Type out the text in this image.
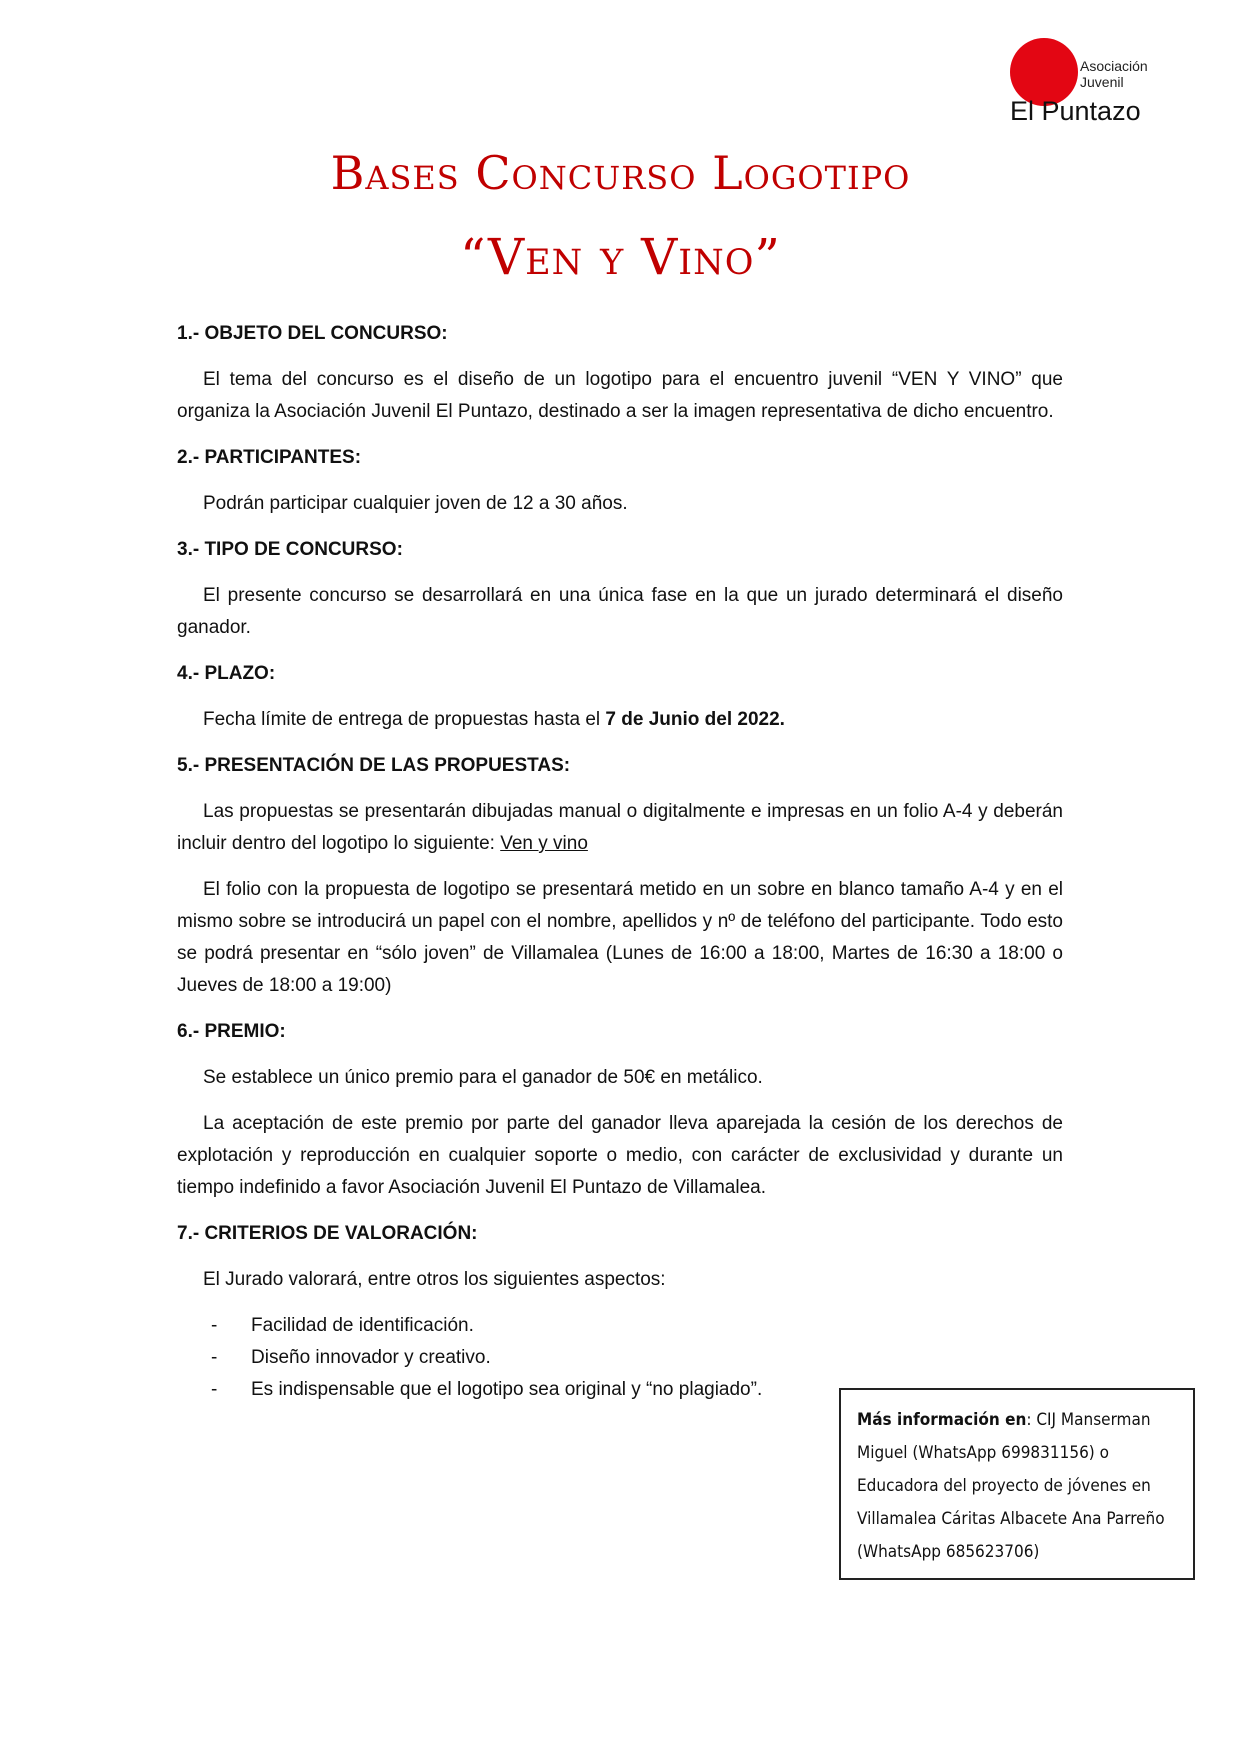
Asociación
Juvenil
El Puntazo
Bases Concurso Logotipo
“Ven y Vino”
1.- OBJETO DEL CONCURSO:

El tema del concurso es el diseño de un logotipo para el encuentro juvenil “VEN Y VINO” que organiza la Asociación Juvenil El Puntazo, destinado a ser la imagen representativa de dicho encuentro.

2.- PARTICIPANTES:

Podrán participar cualquier joven de 12 a 30 años.

3.- TIPO DE CONCURSO:

El presente concurso se desarrollará en una única fase en la que un jurado determinará el diseño ganador.

4.- PLAZO:

Fecha límite de entrega de propuestas hasta el 7 de Junio del 2022.

5.- PRESENTACIÓN DE LAS PROPUESTAS:

Las propuestas se presentarán dibujadas manual o digitalmente e impresas en un folio A-4 y deberán incluir dentro del logotipo lo siguiente: Ven y vino

El folio con la propuesta de logotipo se presentará metido en un sobre en blanco tamaño A-4 y en el mismo sobre se introducirá un papel con el nombre, apellidos y nº de teléfono del participante. Todo esto se podrá presentar en “sólo joven” de Villamalea (Lunes de 16:00 a 18:00, Martes de 16:30 a 18:00 o Jueves de 18:00 a 19:00)

6.- PREMIO:

Se establece un único premio para el ganador de 50€ en metálico.

La aceptación de este premio por parte del ganador lleva aparejada la cesión de los derechos de explotación y reproducción en cualquier soporte o medio, con carácter de exclusividad y durante un tiempo indefinido a favor Asociación Juvenil El Puntazo de Villamalea.

7.- CRITERIOS DE VALORACIÓN:

El Jurado valorará, entre otros los siguientes aspectos:

- Facilidad de identificación.
- Diseño innovador y creativo.
- Es indispensable que el logotipo sea original y “no plagiado”.
Más información en: CIJ Manserman Miguel (WhatsApp 699831156) o Educadora del proyecto de jóvenes en Villamalea Cáritas Albacete Ana Parreño (WhatsApp 685623706)
